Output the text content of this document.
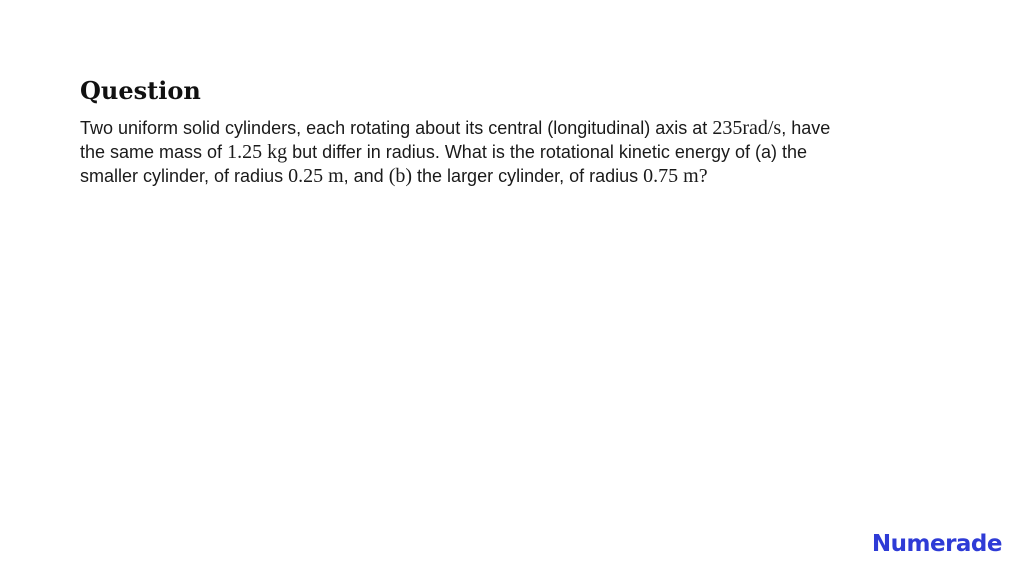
Question
Two uniform solid cylinders, each rotating about its central (longitudinal) axis at 235rad/s, have
the same mass of 1.25 kg but differ in radius. What is the rotational kinetic energy of (a) the
smaller cylinder, of radius 0.25 m, and (b) the larger cylinder, of radius 0.75 m?
Numerade
